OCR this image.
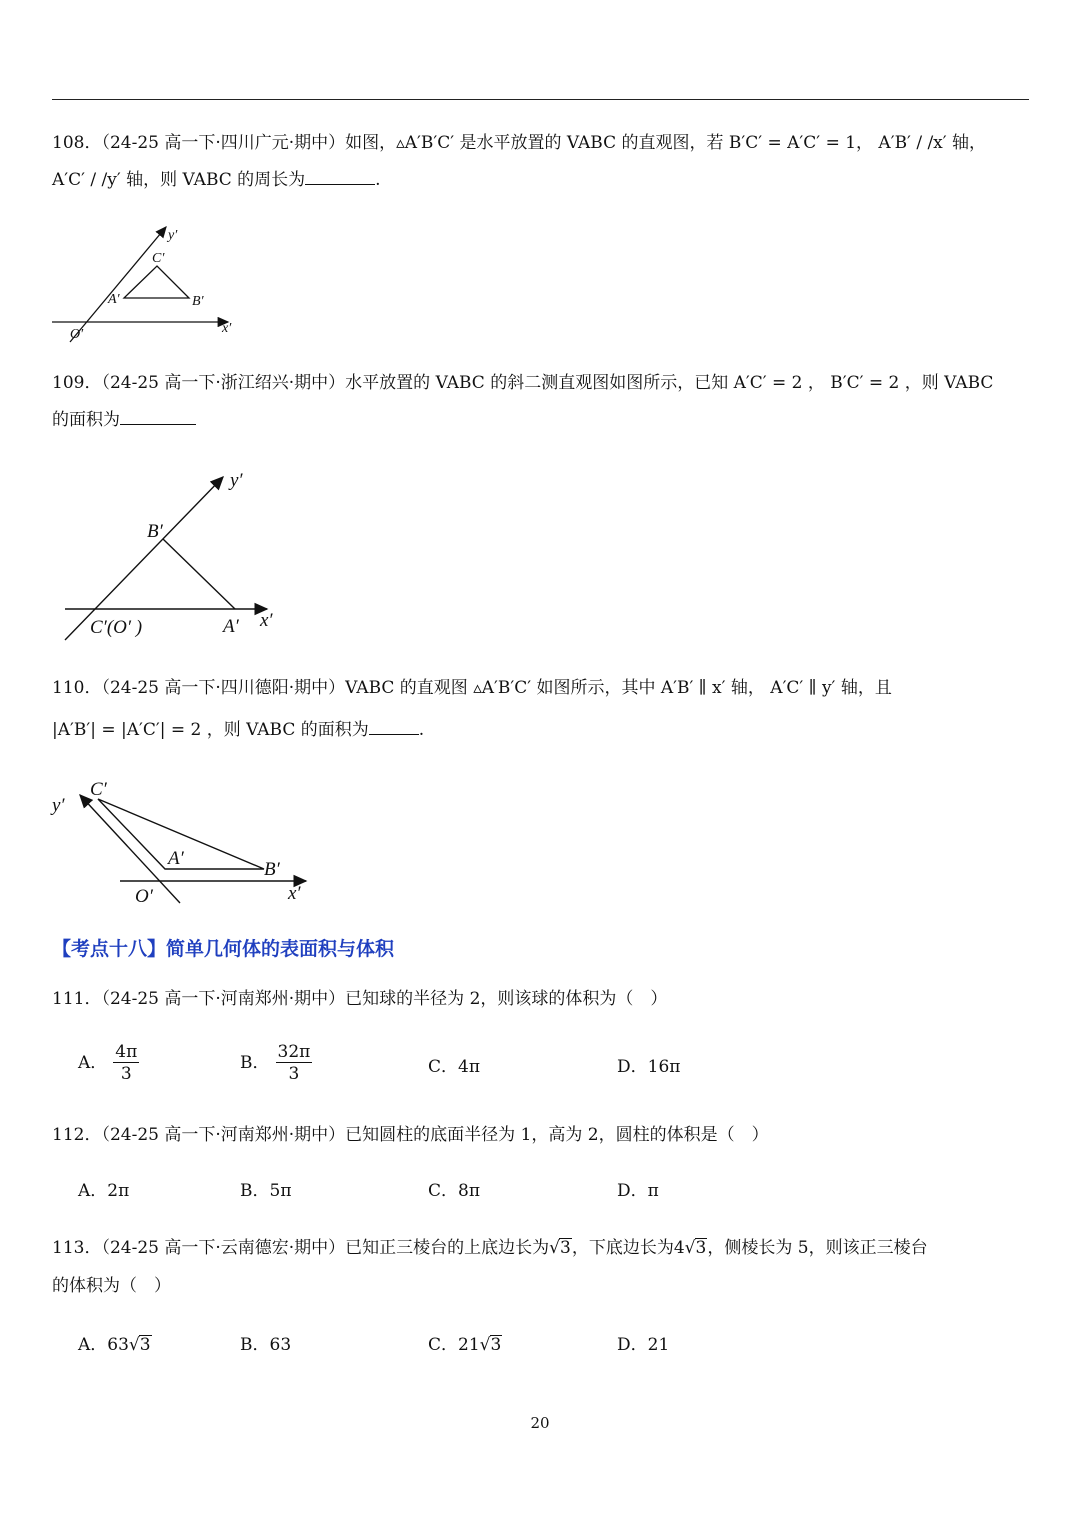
108．（24-25 高一下·四川广元·期中）如图，▵A′B′C′ 是水平放置的 VABC 的直观图，若 B′C′ = A′C′ = 1， A′B′ / /x′ 轴，
A′C′ / /y′ 轴，则 VABC 的周长为	.
y′
C′
A′	B′
O′	x′
109．（24-25 高一下·浙江绍兴·期中）水平放置的 VABC 的斜二测直观图如图所示，已知 A′C′ = 2 ， B′C′ = 2 ，则 VABC
的面积为
y′
B′
C′(O′ )	A′ x′
110．（24-25 高一下·四川德阳·期中）VABC 的直观图 ▵A′B′C′ 如图所示，其中 A′B′ ∥ x′ 轴， A′C′ ∥ y′ 轴，且
|A′B′| = |A′C′| = 2 ，则 VABC 的面积为	.
C′
y′
A′
B′
O′	x′
【考点十八】简单几何体的表面积与体积
111．（24-25 高一下·河南郑州·期中）已知球的半径为 2，则该球的体积为（　）
A． $\frac{4\pi}{3}$	B． $\frac{32\pi}{3}$	C．4π	D．16π
112．（24-25 高一下·河南郑州·期中）已知圆柱的底面半径为 1，高为 2，圆柱的体积是（　）
A．2π	B．5π	C．8π	D．π
113．（24-25 高一下·云南德宏·期中）已知正三棱台的上底边长为√3，下底边长为4√3，侧棱长为 5，则该正三棱台
的体积为（　）
A．63√3	B．63	C．21√3	D．21
20
